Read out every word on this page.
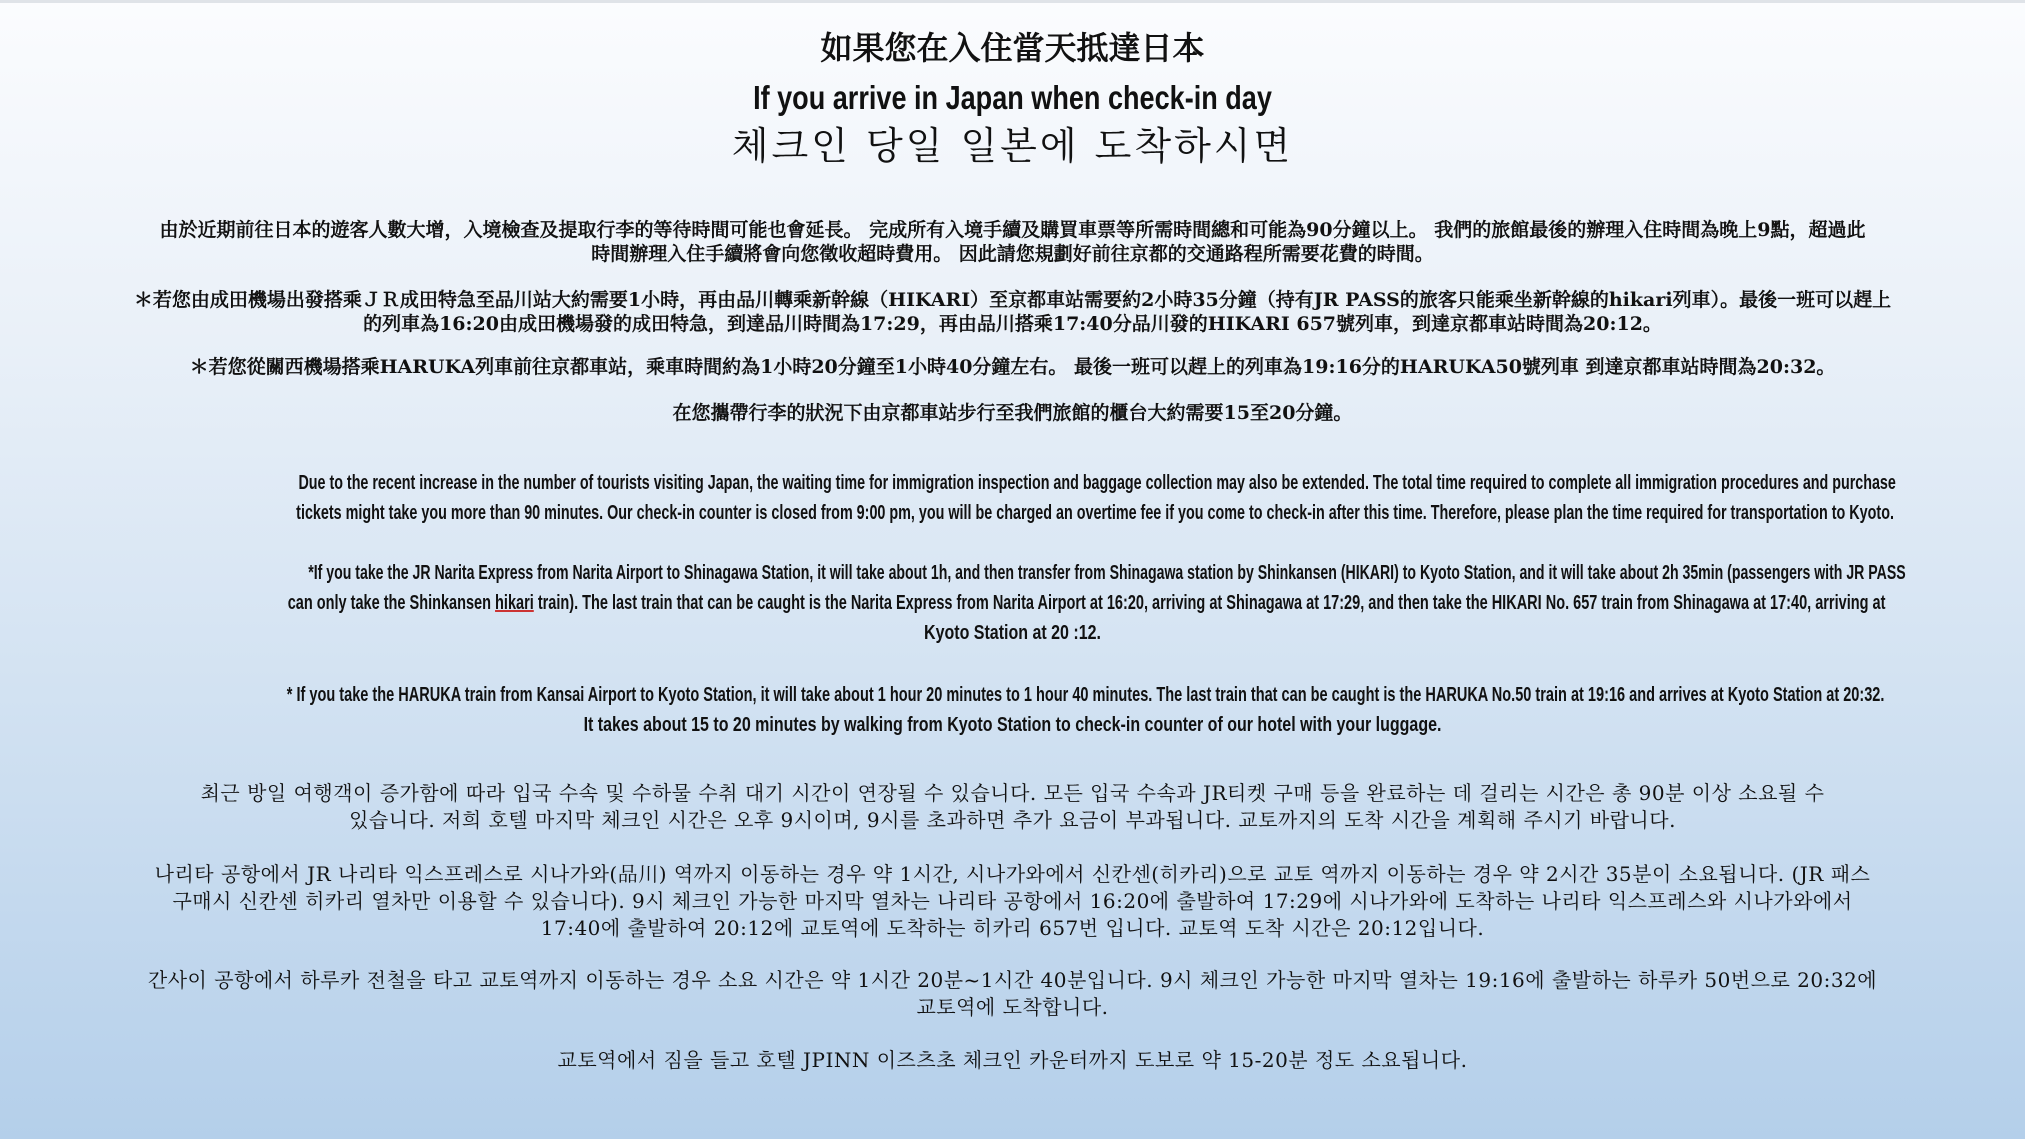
如果您在入住當天抵達日本
If you arrive in Japan when check-in day
체크인 당일 일본에 도착하시면

由於近期前往日本的遊客人數大增，入境檢查及提取行李的等待時間可能也會延長。 完成所有入境手續及購買車票等所需時間總和可能為90分鐘以上。 我們的旅館最後的辦理入住時間為晚上9點，超過此

時間辦理入住手續將會向您徵收超時費用。 因此請您規劃好前往京都的交通路程所需要花費的時間。

＊若您由成田機場出發搭乘ＪＲ成田特急至品川站大約需要1小時，再由品川轉乘新幹線（HIKARI）至京都車站需要約2小時35分鐘（持有JR PASS的旅客只能乘坐新幹線的hikari列車）。最後一班可以趕上

的列車為16:20由成田機場發的成田特急，到達品川時間為17:29，再由品川搭乘17:40分品川發的HIKARI 657號列車，到達京都車站時間為20:12。

＊若您從關西機場搭乘HARUKA列車前往京都車站，乘車時間約為1小時20分鐘至1小時40分鐘左右。 最後一班可以趕上的列車為19:16分的HARUKA50號列車 到達京都車站時間為20:32。

在您攜帶行李的狀況下由京都車站步行至我們旅館的櫃台大約需要15至20分鐘。

Due to the recent increase in the number of tourists visiting Japan, the waiting time for immigration inspection and baggage collection may also be extended. The total time required to complete all immigration procedures and purchase

tickets might take you more than 90 minutes. Our check-in counter is closed from 9:00 pm, you will be charged an overtime fee if you come to check-in after this time. Therefore, please plan the time required for transportation to Kyoto.

*If you take the JR Narita Express from Narita Airport to Shinagawa Station, it will take about 1h, and then transfer from Shinagawa station by Shinkansen (HIKARI) to Kyoto Station, and it will take about 2h 35min (passengers with JR PASS

can only take the Shinkansen hikari train). The last train that can be caught is the Narita Express from Narita Airport at 16:20, arriving at Shinagawa at 17:29, and then take the HIKARI No. 657 train from Shinagawa at 17:40, arriving at

Kyoto Station at 20 :12.

* If you take the HARUKA train from Kansai Airport to Kyoto Station, it will take about 1 hour 20 minutes to 1 hour 40 minutes. The last train that can be caught is the HARUKA No.50 train at 19:16 and arrives at Kyoto Station at 20:32.

It takes about 15 to 20 minutes by walking from Kyoto Station to check-in counter of our hotel with your luggage.

최근 방일 여행객이 증가함에 따라 입국 수속 및 수하물 수취 대기 시간이 연장될 수 있습니다. 모든 입국 수속과 JR티켓 구매 등을 완료하는 데 걸리는 시간은 총 90분 이상 소요될 수

있습니다. 저희 호텔 마지막 체크인 시간은 오후 9시이며, 9시를 초과하면 추가 요금이 부과됩니다. 교토까지의 도착 시간을 계획해 주시기 바랍니다.

나리타 공항에서 JR 나리타 익스프레스로 시나가와(品川) 역까지 이동하는 경우 약 1시간, 시나가와에서 신칸센(히카리)으로 교토 역까지 이동하는 경우 약 2시간 35분이 소요됩니다. (JR 패스

구매시 신칸센 히카리 열차만 이용할 수 있습니다). 9시 체크인 가능한 마지막 열차는 나리타 공항에서 16:20에 출발하여 17:29에 시나가와에 도착하는 나리타 익스프레스와 시나가와에서

17:40에 출발하여 20:12에 교토역에 도착하는 히카리 657번 입니다. 교토역 도착 시간은 20:12입니다.

간사이 공항에서 하루카 전철을 타고 교토역까지 이동하는 경우 소요 시간은 약 1시간 20분~1시간 40분입니다. 9시 체크인 가능한 마지막 열차는 19:16에 출발하는 하루카 50번으로 20:32에

교토역에 도착합니다.

교토역에서 짐을 들고 호텔 JPINN 이즈츠초 체크인 카운터까지 도보로 약 15-20분 정도 소요됩니다.
